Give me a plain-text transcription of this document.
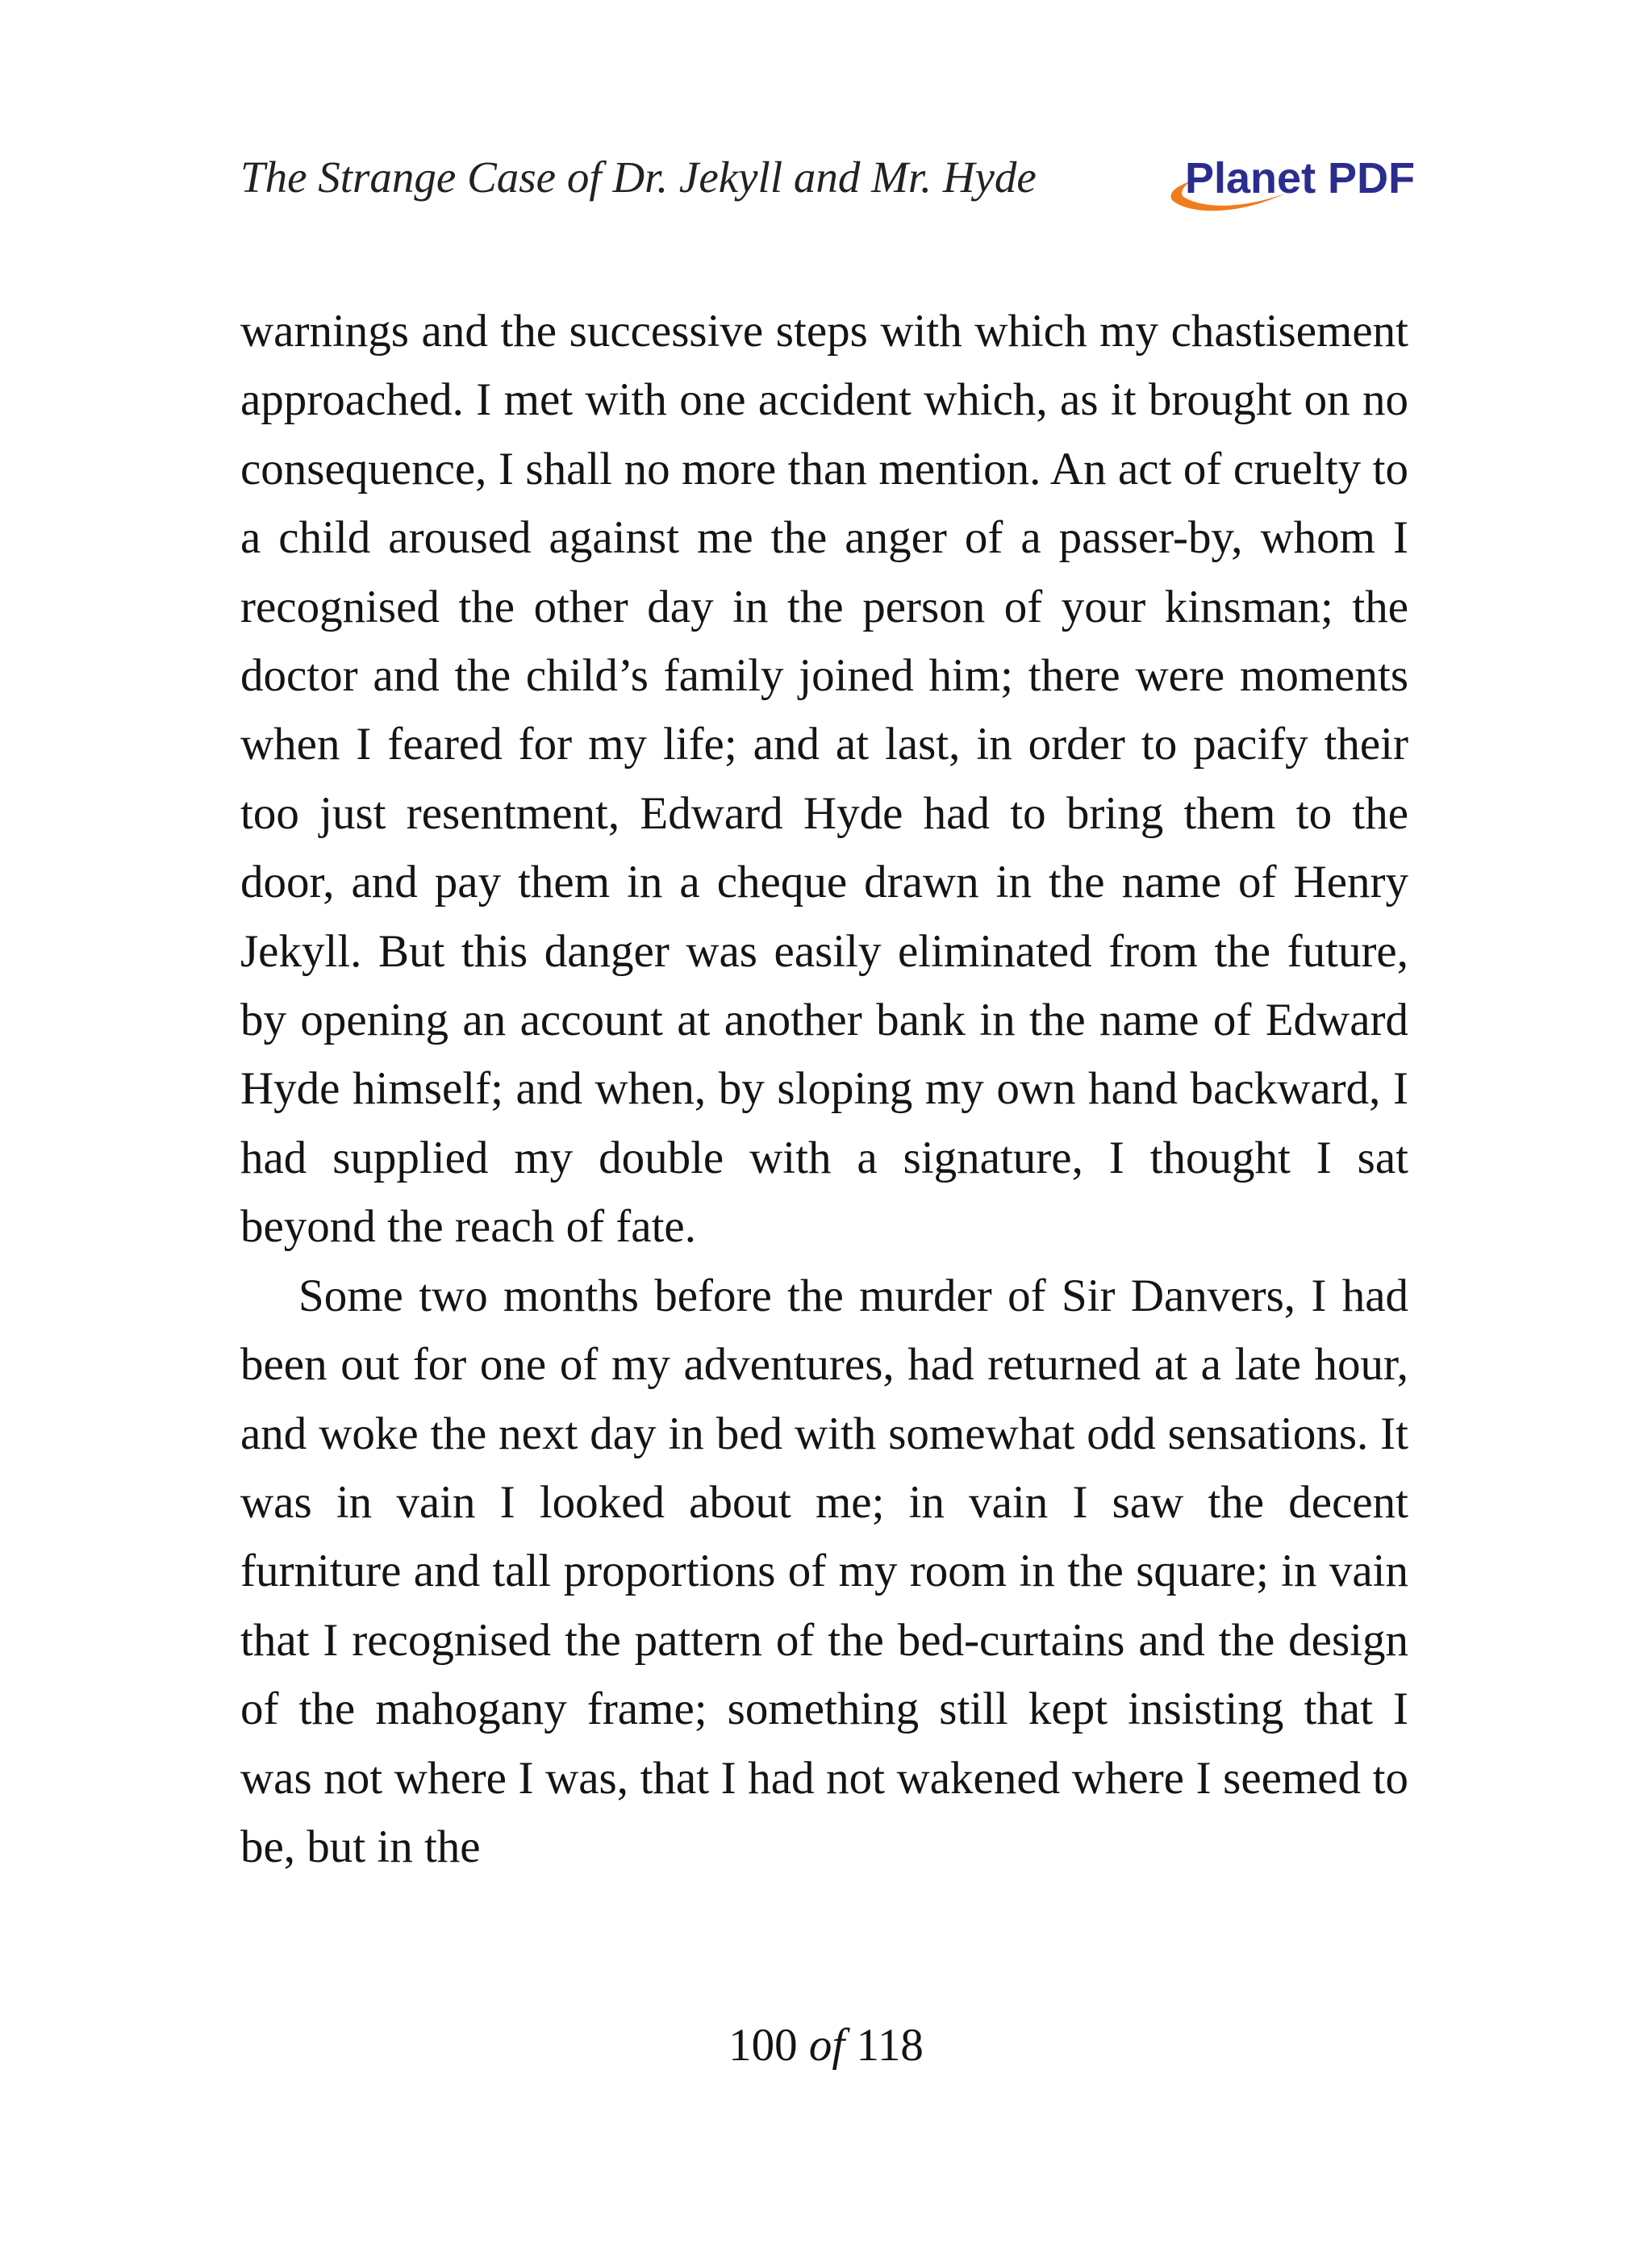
The Strange Case of Dr. Jekyll and Mr. Hyde	Planet PDF

warnings and the successive steps with which my chastisement approached. I met with one accident which, as it brought on no consequence, I shall no more than mention. An act of cruelty to a child aroused against me the anger of a passer-by, whom I recognised the other day in the person of your kinsman; the doctor and the child’s family joined him; there were moments when I feared for my life; and at last, in order to pacify their too just resentment, Edward Hyde had to bring them to the door, and pay them in a cheque drawn in the name of Henry Jekyll. But this danger was easily eliminated from the future, by opening an account at another bank in the name of Edward Hyde himself; and when, by sloping my own hand backward, I had supplied my double with a signature, I thought I sat beyond the reach of fate.

Some two months before the murder of Sir Danvers, I had been out for one of my adventures, had returned at a late hour, and woke the next day in bed with somewhat odd sensations. It was in vain I looked about me; in vain I saw the decent furniture and tall proportions of my room in the square; in vain that I recognised the pattern of the bed-curtains and the design of the mahogany frame; something still kept insisting that I was not where I was, that I had not wakened where I seemed to be, but in the

100 of 118
